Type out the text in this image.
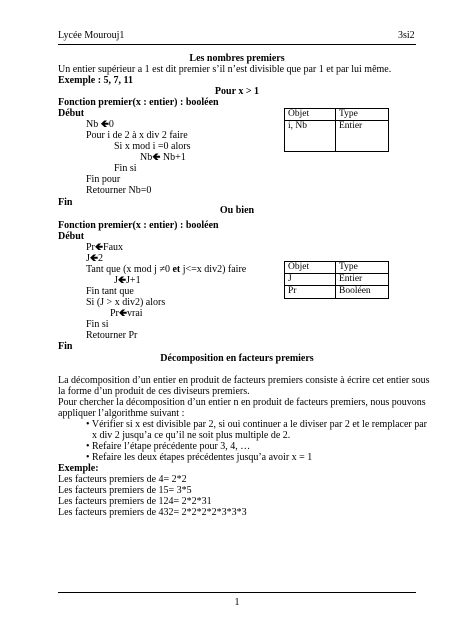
Lycée Mourouj1	3si2
Les nombres premiers
Un entier supérieur a 1 est dit premier s’il n’est divisible que par 1 et par lui même.
Exemple : 5, 7, 11
Pour x > 1
Fonction premier(x : entier) : booléen
Début
Nb 🡸0
Pour i de 2 à x div 2 faire
Si x mod i =0 alors
Nb🡸 Nb+1
Fin si
Fin pour
Retourner Nb=0
Fin
Objet	Type
i, Nb	Entier
Ou bien
Fonction premier(x : entier) : booléen
Début
Pr🡸Faux
J🡸2
Tant que (x mod j ≠0 et j<=x div2) faire
J🡸J+1
Fin tant que
Si (J > x div2) alors
Pr🡸vrai
Fin si
Retourner Pr
Fin
Objet	Type
J	Entier
Pr	Booléen
Décomposition en facteurs premiers
La décomposition d’un entier en produit de facteurs premiers consiste à écrire cet entier sous
la forme d’un produit de ces diviseurs premiers.
Pour chercher la décomposition d’un entier n en produit de facteurs premiers, nous pouvons
appliquer l’algorithme suivant :
• Vérifier si x est divisible par 2, si oui continuer a le diviser par 2 et le remplacer par
x div 2 jusqu’a ce qu’il ne soit plus multiple de 2.
• Refaire l’étape précédente pour 3, 4, …
• Refaire les deux étapes précédentes jusqu’a avoir x = 1
Exemple:
Les facteurs premiers de 4= 2*2
Les facteurs premiers de 15= 3*5
Les facteurs premiers de 124= 2*2*31
Les facteurs premiers de 432= 2*2*2*2*3*3*3
1
